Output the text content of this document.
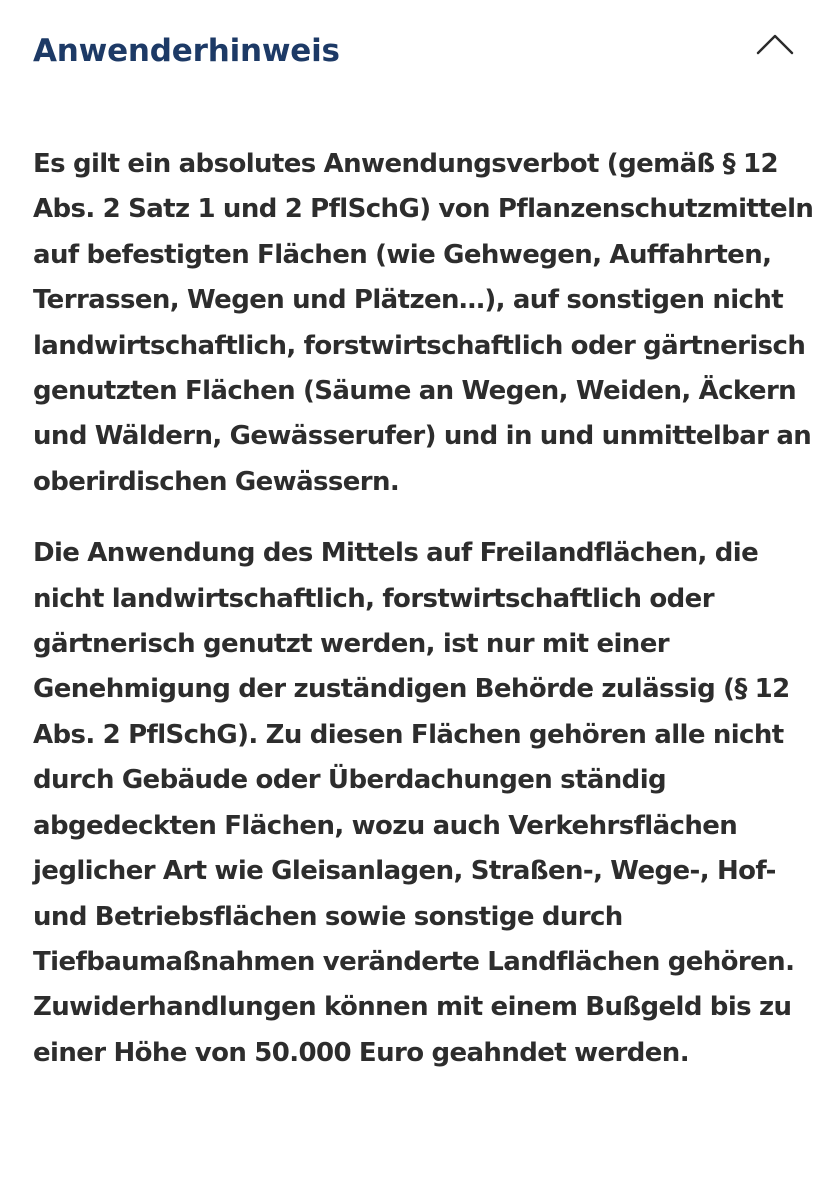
Anwenderhinweis

Es gilt ein absolutes Anwendungsverbot (gemäß § 12 Abs. 2 Satz 1 und 2 PflSchG) von Pflanzenschutzmitteln auf befestigten Flächen (wie Gehwegen, Auffahrten, Terrassen, Wegen und Plätzen…), auf sonstigen nicht landwirtschaftlich, forstwirtschaftlich oder gärtnerisch genutzten Flächen (Säume an Wegen, Weiden, Äckern und Wäldern, Gewässerufer) und in und unmittelbar an oberirdischen Gewässern.

Die Anwendung des Mittels auf Freilandflächen, die nicht landwirtschaftlich, forstwirtschaftlich oder gärtnerisch genutzt werden, ist nur mit einer Genehmigung der zuständigen Behörde zulässig (§ 12 Abs. 2 PflSchG). Zu diesen Flächen gehören alle nicht durch Gebäude oder Überdachungen ständig abgedeckten Flächen, wozu auch Verkehrsflächen jeglicher Art wie Gleisanlagen, Straßen-, Wege-, Hof- und Betriebsflächen sowie sonstige durch Tiefbaumaßnahmen veränderte Landflächen gehören. Zuwiderhandlungen können mit einem Bußgeld bis zu einer Höhe von 50.000 Euro geahndet werden.
